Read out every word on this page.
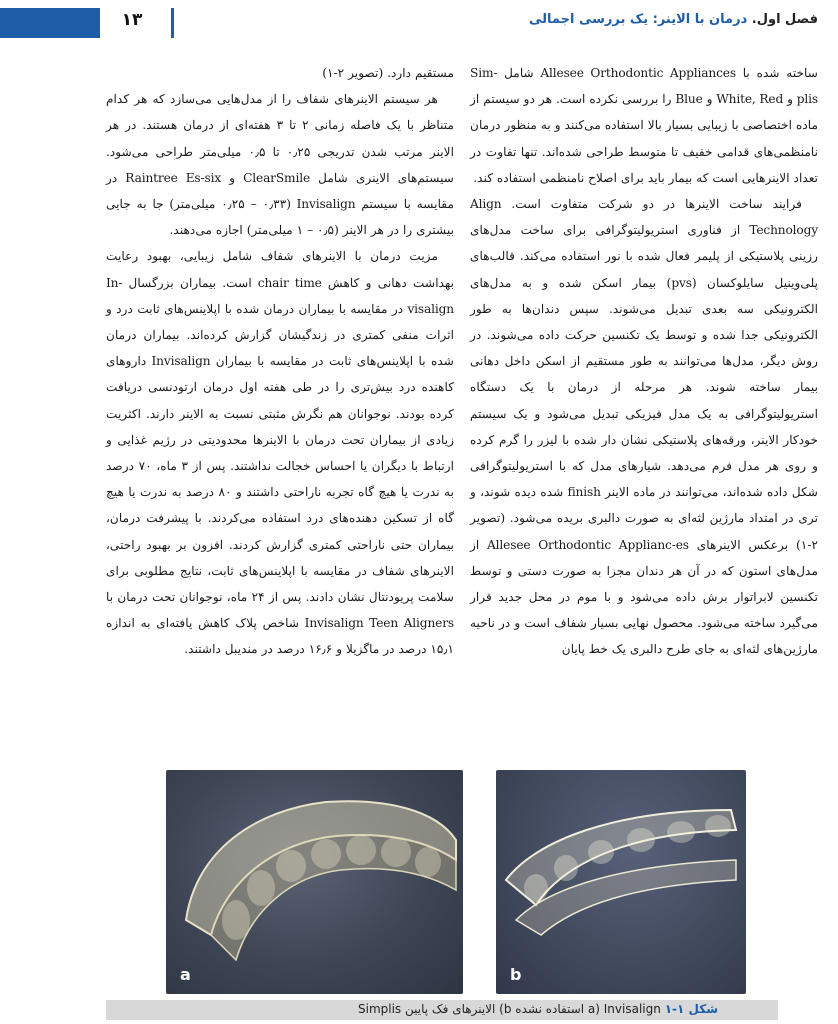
۱۳	فصل اول. درمان با الاینر: یک بررسی اجمالی

ساخته شده با Allesee Orthodontic Appliances شامل Sim-plis و White, Red و Blue را بررسی نکرده است. هر دو سیستم از ماده اختصاصی با زیبایی بسیار بالا استفاده می‌کنند و به منظور درمان نامنظمی‌های قدامی خفیف تا متوسط طراحی شده‌اند. تنها تفاوت در تعداد الاینرهایی است که بیمار باید برای اصلاح نامنظمی استفاده کند.

فرایند ساخت الاینرها در دو شرکت متفاوت است. Align Technology از فناوری استریولیتوگرافی برای ساخت مدل‌های رزینی پلاستیکی از پلیمر فعال شده با نور استفاده می‌کند. قالب‌های پلی‌وینیل سایلوکسان (pvs) بیمار اسکن شده و به مدل‌های الکترونیکی سه بعدی تبدیل می‌شوند. سپس دندان‌ها به طور الکترونیکی جدا شده و توسط یک تکنسین حرکت داده می‌شوند. در روش دیگر، مدل‌ها می‌توانند به طور مستقیم از اسکن داخل دهانی بیمار ساخته شوند. هر مرحله از درمان با یک دستگاه استریولیتوگرافی به یک مدل فیزیکی تبدیل می‌شود و یک سیستم خودکار الاینر، ورقه‌های پلاستیکی نشان دار شده با لیزر را گرم کرده و روی هر مدل فرم می‌دهد. شیارهای مدل که با استریولیتوگرافی شکل داده شده‌اند، می‌توانند در ماده الاینر finish شده دیده شوند، و تری در امتداد مارژین لثه‌ای به صورت دالبری بریده می‌شود. (تصویر ۲-۱) برعکس الاینرهای Allesee Orthodontic Applianc-es از مدل‌های استون که در آن هر دندان مجزا به صورت دستی و توسط تکنسین لابراتوار برش داده می‌شود و با موم در محل جدید قرار می‌گیرد ساخته می‌شود. محصول نهایی بسیار شفاف است و در ناحیه مارژین‌های لثه‌ای به جای طرح دالبری یک خط پایان

مستقیم دارد. (تصویر ۲-۱)

هر سیستم الاینرهای شفاف را از مدل‌هایی می‌سازد که هر کدام متناظر با یک فاصله زمانی ۲ تا ۳ هفته‌ای از درمان هستند. در هر الاینر مرتب شدن تدریجی ۰٫۲۵ تا ۰٫۵ میلی‌متر طراحی می‌شود. سیستم‌های الاینری شامل ClearSmile و Raintree Es-six در مقایسه با سیستم Invisalign (۰٫۲۵ – ۰٫۳۳ میلی‌متر) جا به جایی بیشتری را در هر الاینر (۰٫۵ – ۱ میلی‌متر) اجازه می‌دهند.

مزیت درمان با الاینرهای شفاف شامل زیبایی، بهبود رعایت بهداشت دهانی و کاهش chair time است. بیماران بزرگسال In-visalign در مقایسه با بیماران درمان شده با اپلاینس‌های ثابت درد و اثرات منفی کمتری در زندگیشان گزارش کرده‌اند. بیماران درمان شده با اپلاینس‌های ثابت در مقایسه با بیماران Invisalign داروهای کاهنده درد بیش‌تری را در طی هفته اول درمان ارتودنسی دریافت کرده بودند. نوجوانان هم نگرش مثبتی نسبت به الاینر دارند. اکثریت زیادی از بیماران تحت درمان با الاینرها محدودیتی در رژیم غذایی و ارتباط با دیگران یا احساس خجالت نداشتند. پس از ۳ ماه، ۷۰ درصد به ندرت یا هیچ گاه تجربه ناراحتی داشتند و ۸۰ درصد به ندرت یا هیچ گاه از تسکین دهنده‌های درد استفاده می‌کردند. با پیشرفت درمان، بیماران حتی ناراحتی کمتری گزارش کردند. افزون بر بهبود راحتی، الاینرهای شفاف در مقایسه با اپلاینس‌های ثابت، نتایج مطلوبی برای سلامت پریودنتال نشان دادند. پس از ۲۴ ماه، نوجوانان تحت درمان با Invisalign Teen Aligners شاخص پلاک کاهش یافته‌ای به اندازه ۱۵٫۱ درصد در ماگزیلا و ۱۶٫۶ درصد در مندیبل داشتند.

a	b
شکل ۱-۱ a) Invisalign استفاده نشده b) الاینرهای فک پایین Simplis
